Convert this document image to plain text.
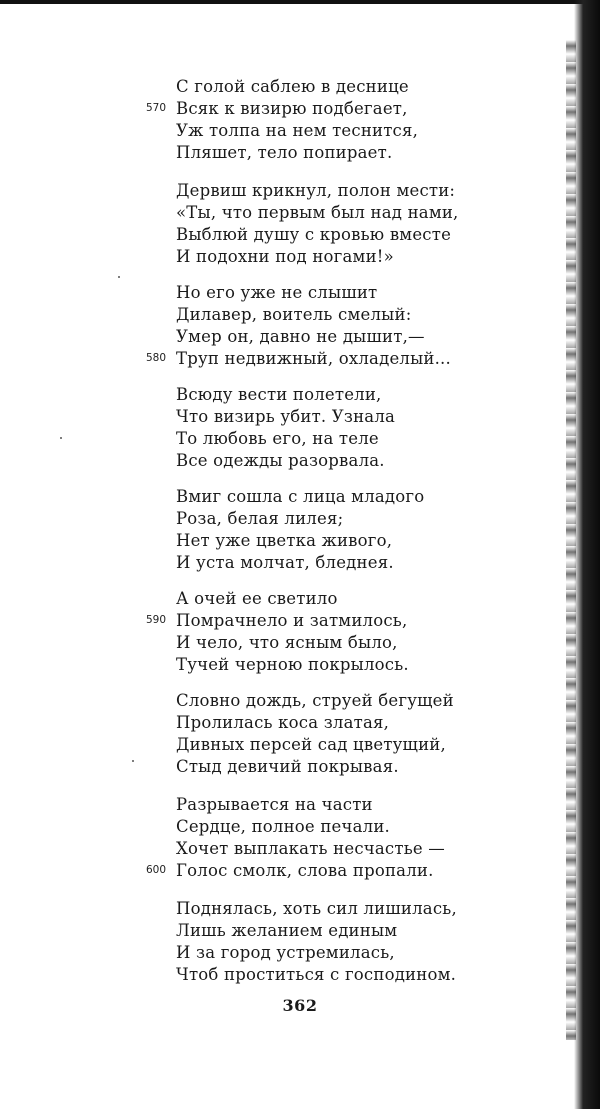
С голой саблею в деснице
570 Всяк к визирю подбегает,
Уж толпа на нем теснится,
Пляшет, тело попирает.
Дервиш крикнул, полон мести:
«Ты, что первым был над нами,
Выблюй душу с кровью вместе
И подохни под ногами!»
Но его уже не слышит
Дилавер, воитель смелый:
Умер он, давно не дышит,—
580 Труп недвижный, охладелый...
Всюду вести полетели,
Что визирь убит. Узнала
То любовь его, на теле
Все одежды разорвала.
Вмиг сошла с лица младого
Роза, белая лилея;
Нет уже цветка живого,
И уста молчат, бледнея.
А очей ее светило
590 Помрачнело и затмилось,
И чело, что ясным было,
Тучей черною покрылось.
Словно дождь, струей бегущей
Пролилась коса златая,
Дивных персей сад цветущий,
Стыд девичий покрывая.
Разрывается на части
Сердце, полное печали.
Хочет выплакать несчастье —
600 Голос смолк, слова пропали.
Поднялась, хоть сил лишилась,
Лишь желанием единым
И за город устремилась,
Чтоб проститься с господином.
362
